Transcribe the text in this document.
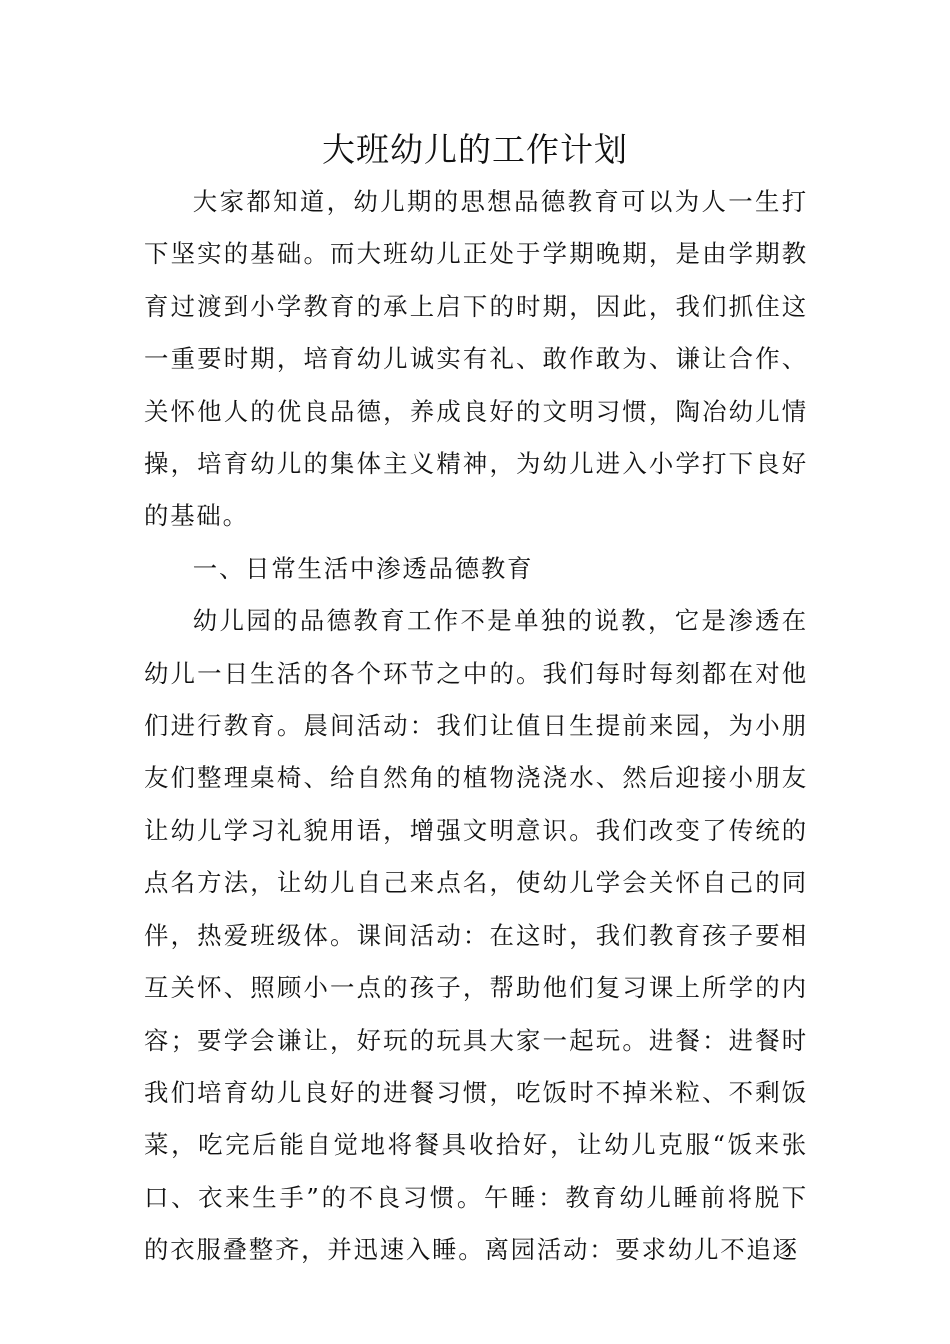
大班幼儿的工作计划

大家都知道，幼儿期的思想品德教育可以为人一生打下坚实的基础。而大班幼儿正处于学期晚期，是由学期教育过渡到小学教育的承上启下的时期，因此，我们抓住这一重要时期，培育幼儿诚实有礼、敢作敢为、谦让合作、关怀他人的优良品德，养成良好的文明习惯，陶冶幼儿情操，培育幼儿的集体主义精神，为幼儿进入小学打下良好的基础。

一、日常生活中渗透品德教育

幼儿园的品德教育工作不是单独的说教，它是渗透在幼儿一日生活的各个环节之中的。我们每时每刻都在对他们进行教育。晨间活动：我们让值日生提前来园，为小朋友们整理桌椅、给自然角的植物浇浇水、然后迎接小朋友让幼儿学习礼貌用语，增强文明意识。我们改变了传统的点名方法，让幼儿自己来点名，使幼儿学会关怀自己的同伴，热爱班级体。课间活动：在这时，我们教育孩子要相互关怀、照顾小一点的孩子，帮助他们复习课上所学的内容；要学会谦让，好玩的玩具大家一起玩。进餐：进餐时我们培育幼儿良好的进餐习惯，吃饭时不掉米粒、不剩饭菜，吃完后能自觉地将餐具收拾好，让幼儿克服“饭来张口、衣来生手”的不良习惯。午睡：教育幼儿睡前将脱下的衣服叠整齐，并迅速入睡。离园活动：要求幼儿不追逐
